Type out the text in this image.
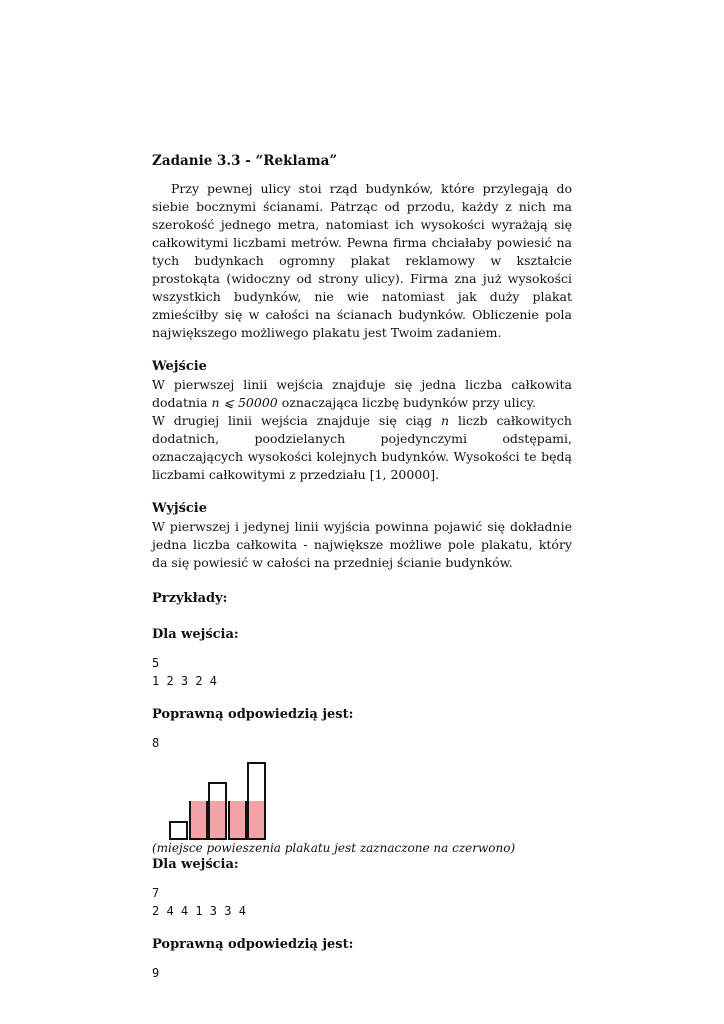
Zadanie 3.3 - “Reklama”

Przy pewnej ulicy stoi rząd budynków, które przylegają do siebie bocznymi ścianami. Patrząc od przodu, każdy z nich ma szerokość jednego metra, natomiast ich wysokości wyrażają się całkowitymi liczbami metrów. Pewna firma chciałaby powiesić na tych budynkach ogromny plakat reklamowy w kształcie prostokąta (widoczny od strony ulicy). Firma zna już wysokości wszystkich budynków, nie wie natomiast jak duży plakat zmieściłby się w całości na ścianach budynków. Obliczenie pola największego możliwego plakatu jest Twoim zadaniem.

Wejście

W pierwszej linii wejścia znajduje się jedna liczba całkowita dodatnia n ⩽ 50000 oznaczająca liczbę budynków przy ulicy.
W drugiej linii wejścia znajduje się ciąg n liczb całkowitych dodatnich, poodzielanych pojedynczymi odstępami, oznaczających wysokości kolejnych budynków. Wysokości te będą liczbami całkowitymi z przedziału [1, 20000].

Wyjście

W pierwszej i jedynej linii wyjścia powinna pojawić się dokładnie jedna liczba całkowita - największe możliwe pole plakatu, który da się powiesić w całości na przedniej ścianie budynków.

Przykłady:

Dla wejścia:

5

1 2 3 2 4

Poprawną odpowiedzią jest:

8

(miejsce powieszenia plakatu jest zaznaczone na czerwono)

Dla wejścia:

7

2 4 4 1 3 3 4

Poprawną odpowiedzią jest:

9
